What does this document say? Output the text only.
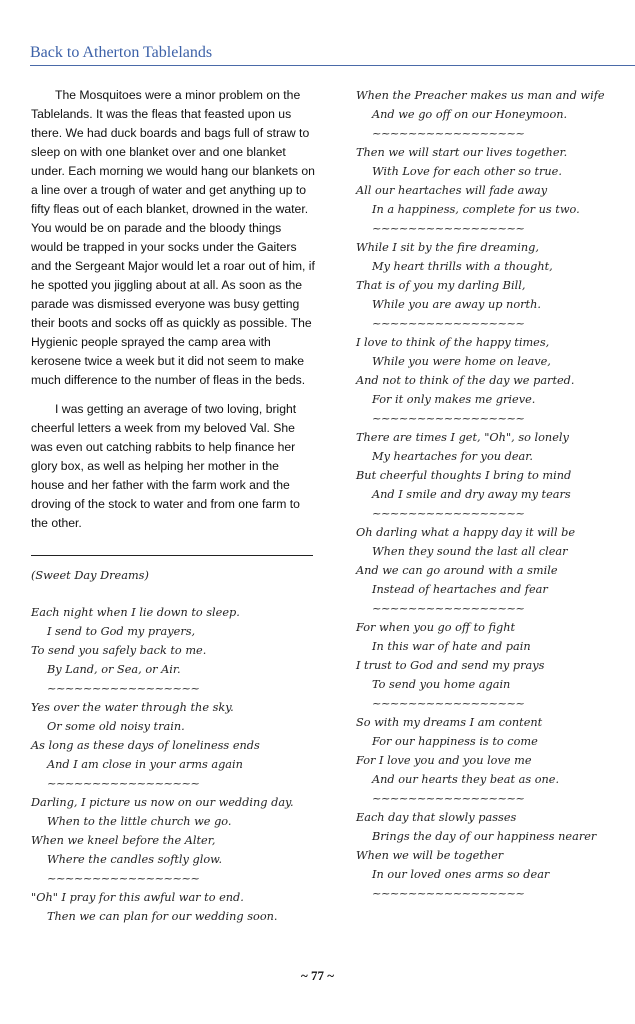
Back to Atherton Tablelands

The Mosquitoes were a minor problem on the Tablelands. It was the fleas that feasted upon us there. We had duck boards and bags full of straw to sleep on with one blanket over and one blanket under. Each morning we would hang our blankets on a line over a trough of water and get anything up to fifty fleas out of each blanket, drowned in the water. You would be on parade and the bloody things would be trapped in your socks under the Gaiters and the Sergeant Major would let a roar out of him, if he spotted you jiggling about at all. As soon as the parade was dismissed everyone was busy getting their boots and socks off as quickly as possible. The Hygienic people sprayed the camp area with kerosene twice a week but it did not seem to make much difference to the number of fleas in the beds.

I was getting an average of two loving, bright cheerful letters a week from my beloved Val. She was even out catching rabbits to help finance her glory box, as well as helping her mother in the house and her father with the farm work and the droving of the stock to water and from one farm to the other.

(Sweet Day Dreams)
Each night when I lie down to sleep.
I send to God my prayers,
To send you safely back to me.
By Land, or Sea, or Air.
~~~~~~~~~~~~~~~~~
Yes over the water through the sky.
Or some old noisy train.
As long as these days of loneliness ends
And I am close in your arms again
~~~~~~~~~~~~~~~~~
Darling, I picture us now on our wedding day.
When to the little church we go.
When we kneel before the Alter,
Where the candles softly glow.
~~~~~~~~~~~~~~~~~
"Oh" I pray for this awful war to end.
Then we can plan for our wedding soon.
When the Preacher makes us man and wife
And we go off on our Honeymoon.
~~~~~~~~~~~~~~~~~
Then we will start our lives together.
With Love for each other so true.
All our heartaches will fade away
In a happiness, complete for us two.
~~~~~~~~~~~~~~~~~
While I sit by the fire dreaming,
My heart thrills with a thought,
That is of you my darling Bill,
While you are away up north.
~~~~~~~~~~~~~~~~~
I love to think of the happy times,
While you were home on leave,
And not to think of the day we parted.
For it only makes me grieve.
~~~~~~~~~~~~~~~~~
There are times I get, "Oh", so lonely
My heartaches for you dear.
But cheerful thoughts I bring to mind
And I smile and dry away my tears
~~~~~~~~~~~~~~~~~
Oh darling what a happy day it will be
When they sound the last all clear
And we can go around with a smile
Instead of heartaches and fear
~~~~~~~~~~~~~~~~~
For when you go off to fight
In this war of hate and pain
I trust to God and send my prays
To send you home again
~~~~~~~~~~~~~~~~~
So with my dreams I am content
For our happiness is to come
For I love you and you love me
And our hearts they beat as one.
~~~~~~~~~~~~~~~~~
Each day that slowly passes
Brings the day of our happiness nearer
When we will be together
In our loved ones arms so dear
~~~~~~~~~~~~~~~~~
~ 77 ~
